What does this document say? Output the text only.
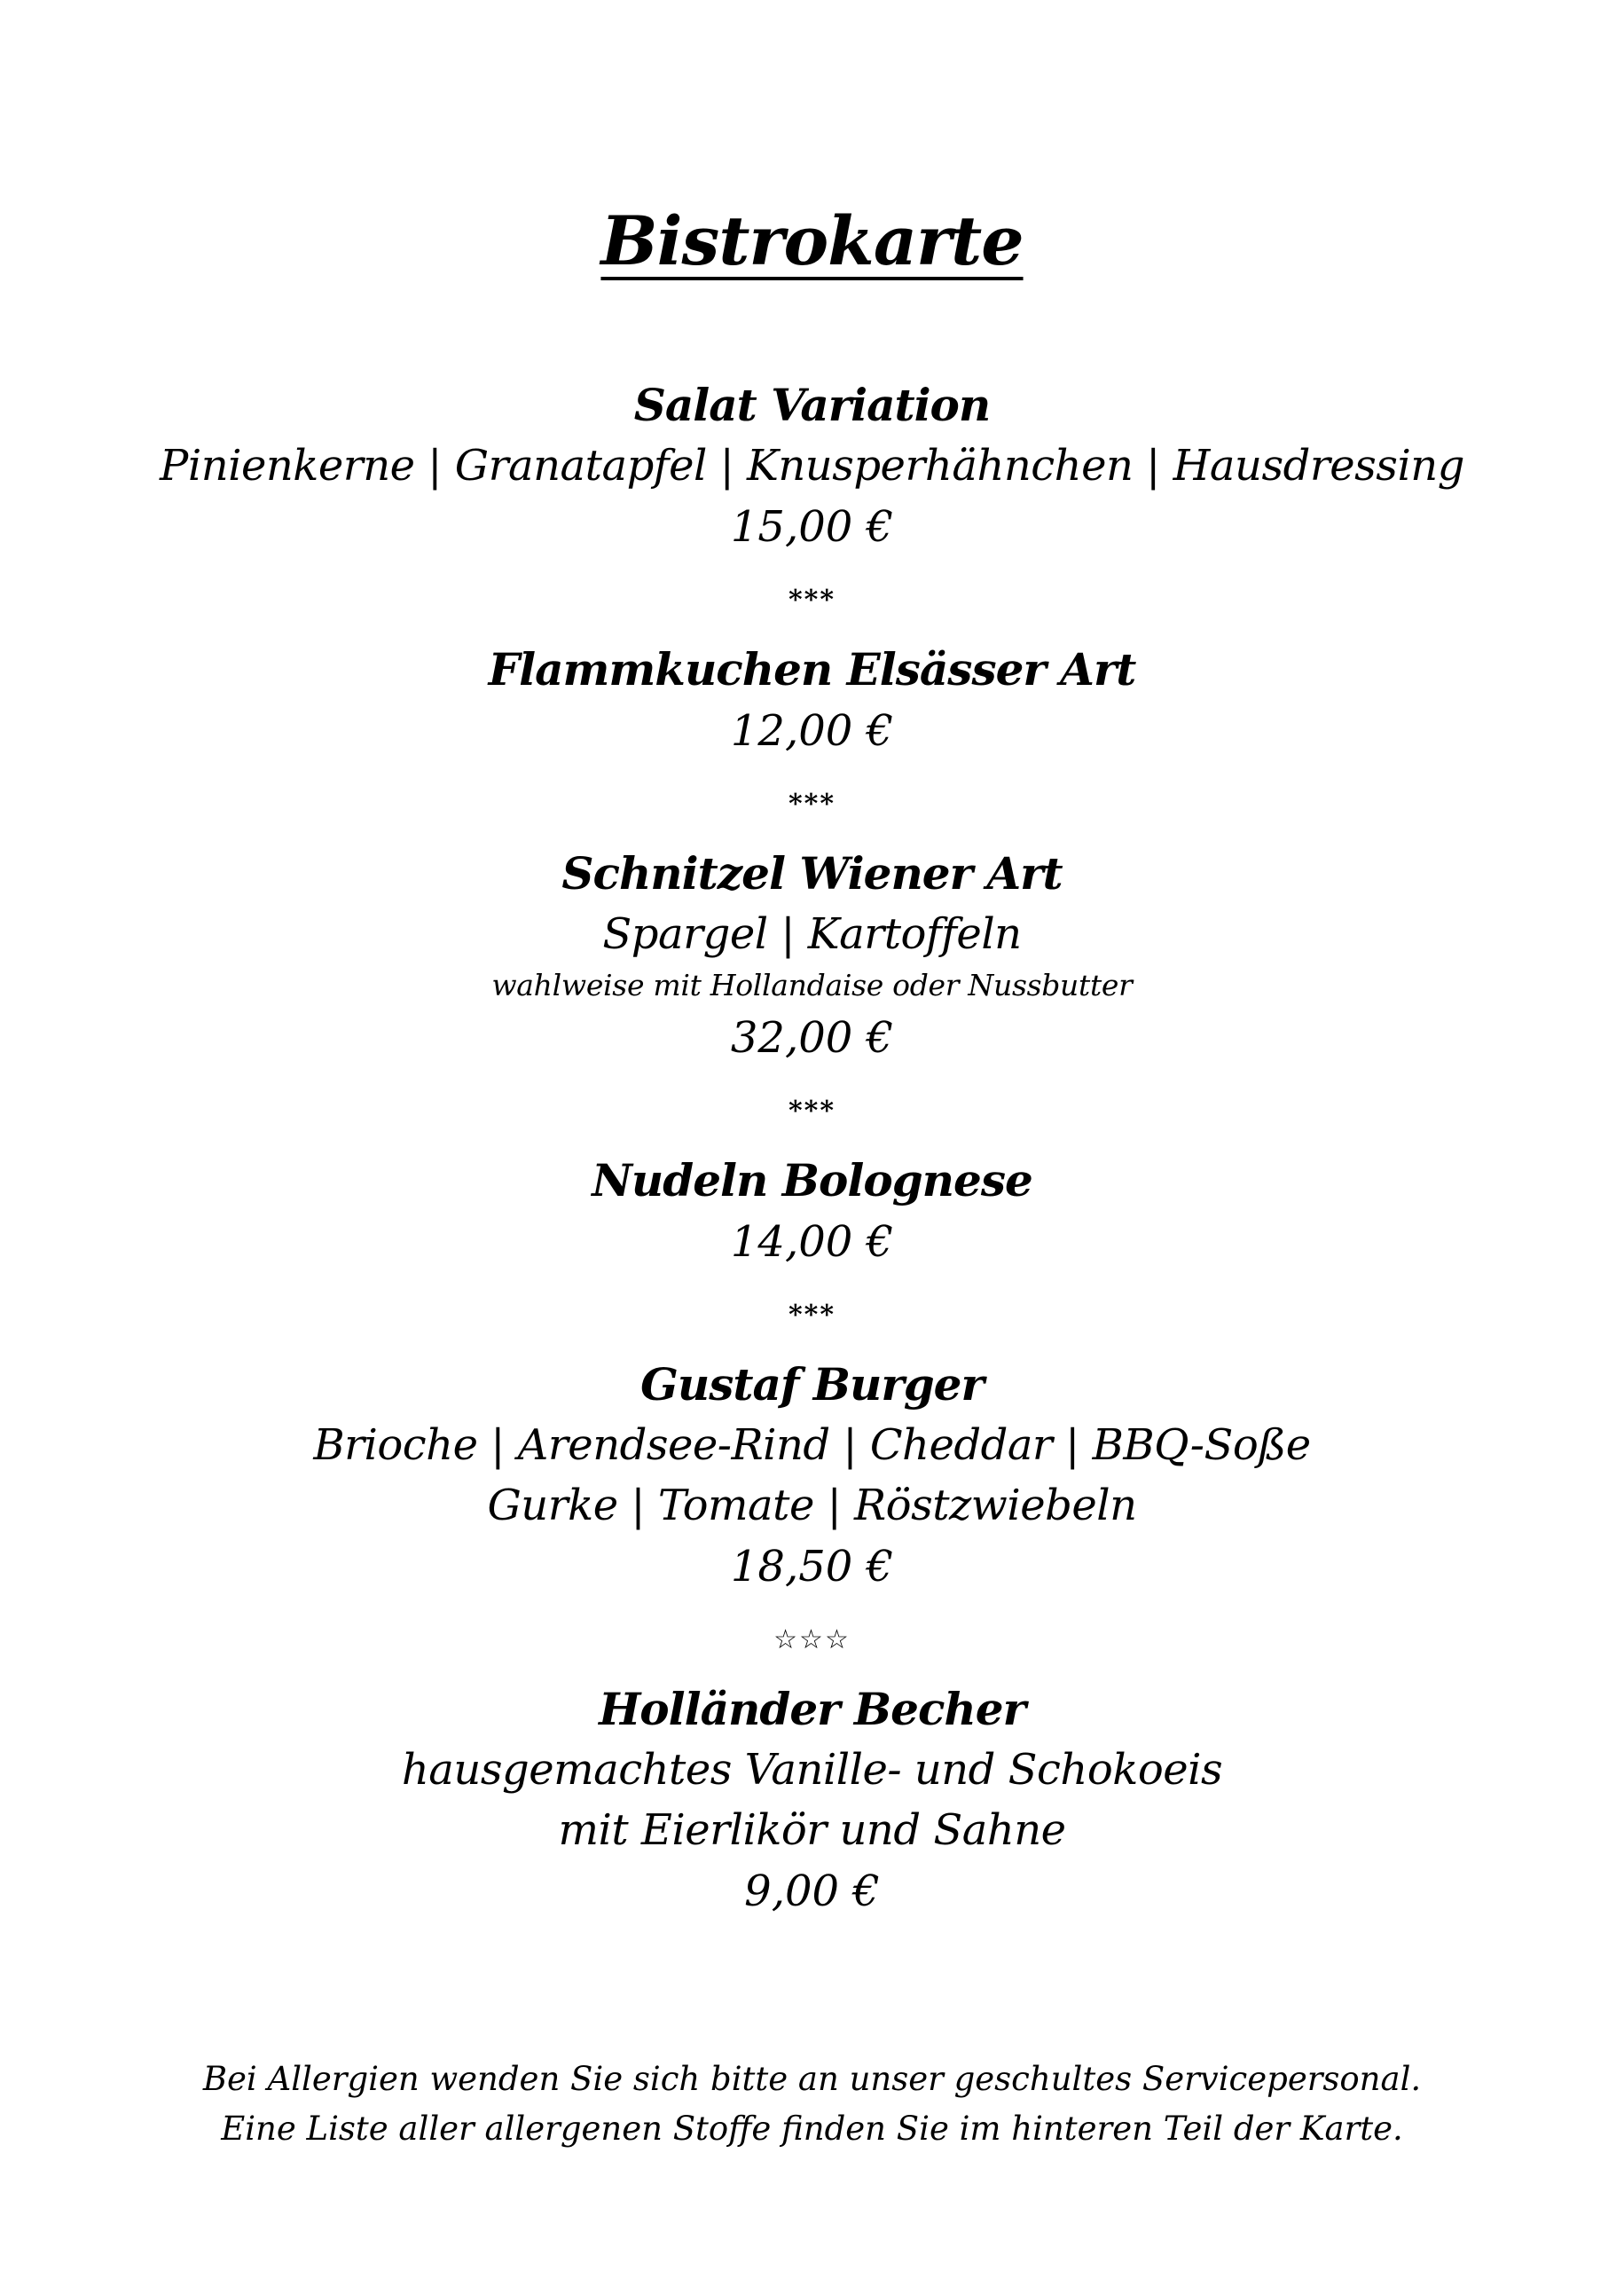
Bistrokarte
Salat Variation
Pinienkerne | Granatapfel | Knusperhähnchen | Hausdressing
15,00 €
***
Flammkuchen Elsässer Art
12,00 €
***
Schnitzel Wiener Art
Spargel | Kartoffeln
wahlweise mit Hollandaise oder Nussbutter
32,00 €
***
Nudeln Bolognese
14,00 €
***
Gustaf Burger
Brioche | Arendsee-Rind | Cheddar | BBQ-Soße
Gurke | Tomate | Röstzwiebeln
18,50 €
☆☆☆
Holländer Becher
hausgemachtes Vanille- und Schokoeis
mit Eierlikör und Sahne
9,00 €
Bei Allergien wenden Sie sich bitte an unser geschultes Servicepersonal.
Eine Liste aller allergenen Stoffe finden Sie im hinteren Teil der Karte.
